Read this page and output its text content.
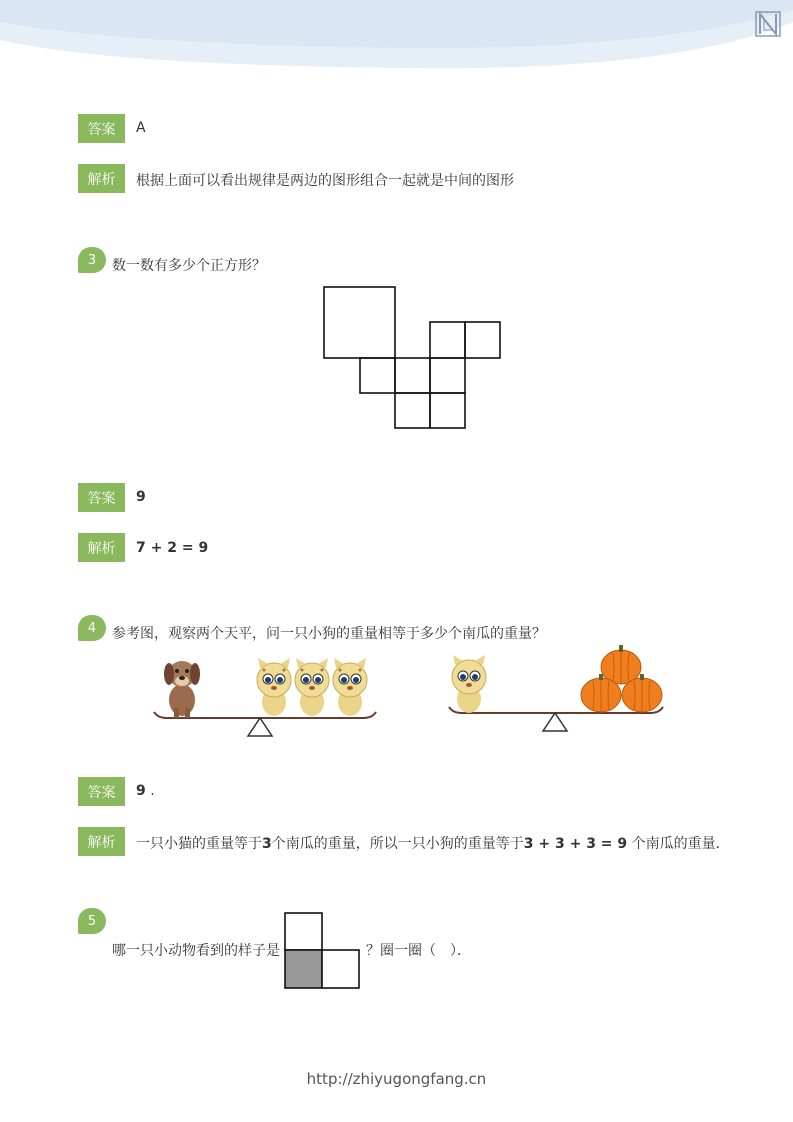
答案	A
解析	根据上面可以看出规律是两边的图形组合一起就是中间的图形
3	数一数有多少个正方形？
答案	9
解析	7 + 2 = 9
4	参考图，观察两个天平，问一只小狗的重量相等于多少个南瓜的重量？
答案	9 .
解析	一只小猫的重量等于3个南瓜的重量，所以一只小狗的重量等于3 + 3 + 3 = 9 个南瓜的重量．
5
哪一只小动物看到的样子是	？圈一圈（　）．
http://zhiyugongfang.cn
